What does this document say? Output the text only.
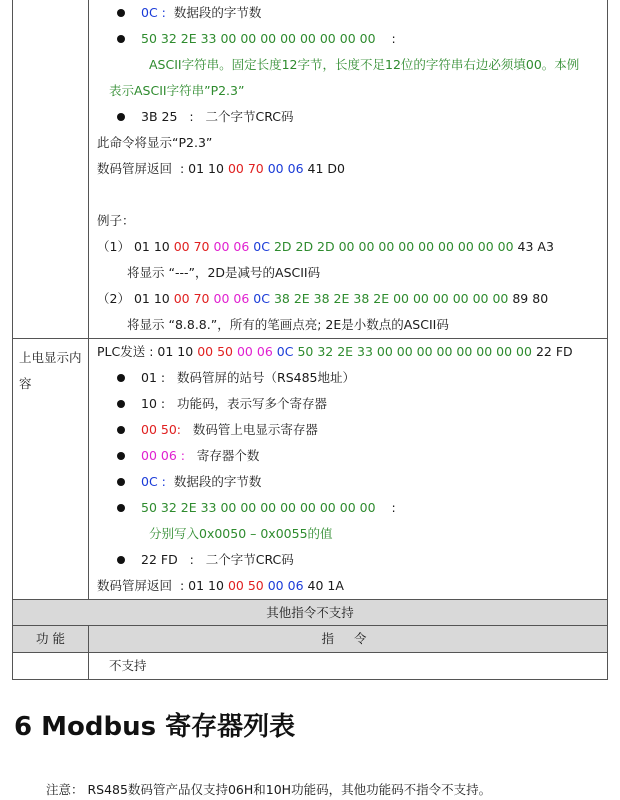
0C : 数据段的字节数
50 32 2E 33 00 00 00 00 00 00 00 00 :
ASCII字符串。固定长度12字节，长度不足12位的字符串右边必须填00。本例
表示ASCII字符串”P2.3”
3B 25 : 二个字节CRC码
此命令将显示“P2.3”
数码管屏返回 : 01 10 00 70 00 06 41 D0
例子：
（1） 01 10 00 70 00 06 0C 2D 2D 2D 00 00 00 00 00 00 00 00 00 43 A3
将显示 “---”，2D是减号的ASCII码
（2） 01 10 00 70 00 06 0C 38 2E 38 2E 38 2E 00 00 00 00 00 00 89 80
将显示 “8.8.8.”，所有的笔画点亮; 2E是小数点的ASCII码
上电显示内容
PLC发送 : 01 10 00 50 00 06 0C 50 32 2E 33 00 00 00 00 00 00 00 00 22 FD
01 : 数码管屏的站号（RS485地址）
10 : 功能码，表示写多个寄存器
00 50: 数码管上电显示寄存器
00 06 : 寄存器个数
0C : 数据段的字节数
50 32 2E 33 00 00 00 00 00 00 00 00 :
分别写入0x0050 – 0x0055的值
22 FD : 二个字节CRC码
数码管屏返回 : 01 10 00 50 00 06 40 1A
其他指令不支持
功 能	指 令
不支持
6 Modbus 寄存器列表
注意： RS485数码管产品仅支持06H和10H功能码，其他功能码不指令不支持。
